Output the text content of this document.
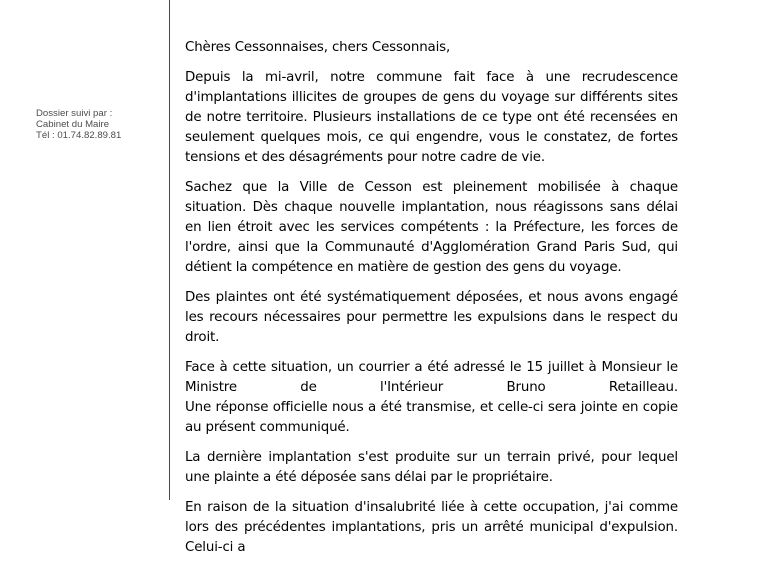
Dossier suivi par :
Cabinet du Maire
Tél : 01.74.82.89.81

Chères Cessonnaises, chers Cessonnais,

Depuis la mi-avril, notre commune fait face à une recrudescence d'implantations illicites de groupes de gens du voyage sur différents sites de notre territoire. Plusieurs installations de ce type ont été recensées en seulement quelques mois, ce qui engendre, vous le constatez, de fortes tensions et des désagréments pour notre cadre de vie.

Sachez que la Ville de Cesson est pleinement mobilisée à chaque situation. Dès chaque nouvelle implantation, nous réagissons sans délai en lien étroit avec les services compétents : la Préfecture, les forces de l'ordre, ainsi que la Communauté d'Agglomération Grand Paris Sud, qui détient la compétence en matière de gestion des gens du voyage.

Des plaintes ont été systématiquement déposées, et nous avons engagé les recours nécessaires pour permettre les expulsions dans le respect du droit.

Face à cette situation, un courrier a été adressé le 15 juillet à Monsieur le Ministre de l'Intérieur Bruno Retailleau.
Une réponse officielle nous a été transmise, et celle-ci sera jointe en copie au présent communiqué.

La dernière implantation s'est produite sur un terrain privé, pour lequel une plainte a été déposée sans délai par le propriétaire.

En raison de la situation d'insalubrité liée à cette occupation, j'ai comme lors des précédentes implantations, pris un arrêté municipal d'expulsion. Celui-ci a
